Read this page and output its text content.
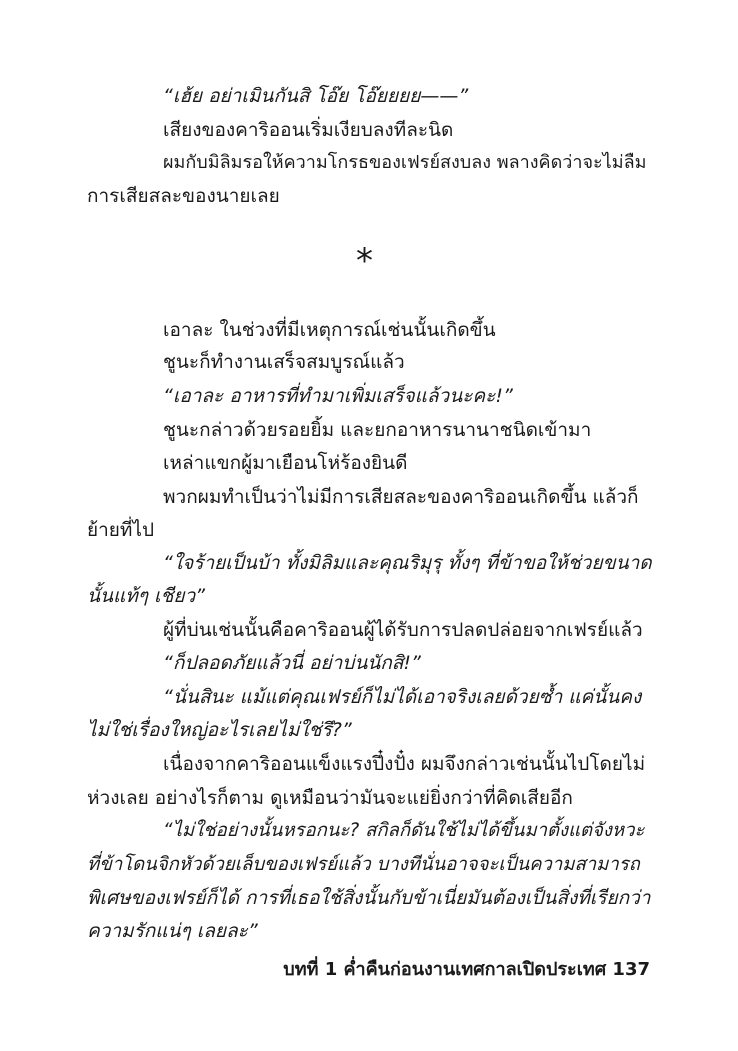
“เฮ้ย อย่าเมินกันสิ โอ๊ย โอ๊ยยยย——”
เสียงของคาริออนเริ่มเงียบลงทีละนิด
ผมกับมิลิมรอให้ความโกรธของเฟรย์สงบลง พลางคิดว่าจะไม่ลืม
การเสียสละของนายเลย
*
เอาละ ในช่วงที่มีเหตุการณ์เช่นนั้นเกิดขึ้น
ชูนะก็ทำงานเสร็จสมบูรณ์แล้ว
“เอาละ อาหารที่ทำมาเพิ่มเสร็จแล้วนะคะ!”
ชูนะกล่าวด้วยรอยยิ้ม และยกอาหารนานาชนิดเข้ามา
เหล่าแขกผู้มาเยือนโห่ร้องยินดี
พวกผมทำเป็นว่าไม่มีการเสียสละของคาริออนเกิดขึ้น แล้วก็
ย้ายที่ไป
“ใจร้ายเป็นบ้า ทั้งมิลิมและคุณริมุรุ ทั้งๆ ที่ข้าขอให้ช่วยขนาด
นั้นแท้ๆ เชียว”
ผู้ที่บ่นเช่นนั้นคือคาริออนผู้ได้รับการปลดปล่อยจากเฟรย์แล้ว
“ก็ปลอดภัยแล้วนี่ อย่าบ่นนักสิ!”
“นั่นสินะ แม้แต่คุณเฟรย์ก็ไม่ได้เอาจริงเลยด้วยซ้ำ แค่นั้นคง
ไม่ใช่เรื่องใหญ่อะไรเลยไม่ใช่รึ?”
เนื่องจากคาริออนแข็งแรงปึ๋งปั๋ง ผมจึงกล่าวเช่นนั้นไปโดยไม่
ห่วงเลย อย่างไรก็ตาม ดูเหมือนว่ามันจะแย่ยิ่งกว่าที่คิดเสียอีก
“ไม่ใช่อย่างนั้นหรอกนะ? สกิลก็ดันใช้ไม่ได้ขึ้นมาตั้งแต่จังหวะ
ที่ข้าโดนจิกหัวด้วยเล็บของเฟรย์แล้ว บางทีนั่นอาจจะเป็นความสามารถ
พิเศษของเฟรย์ก็ได้ การที่เธอใช้สิ่งนั้นกับข้าเนี่ยมันต้องเป็นสิ่งที่เรียกว่า
ความรักแน่ๆ เลยละ”
บทที่ 1 ค่ำคืนก่อนงานเทศกาลเปิดประเทศ 137
